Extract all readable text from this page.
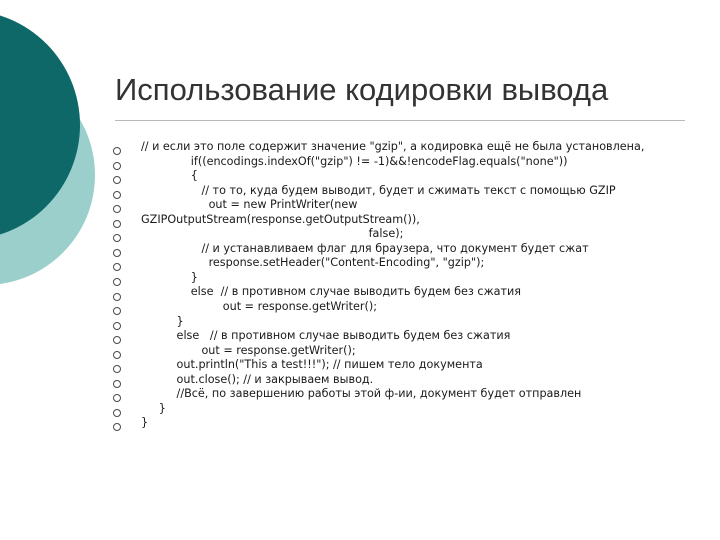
Использование кодировки вывода
// и если это поле содержит значение "gzip", а кодировка ещё не была установлена,
if((encodings.indexOf("gzip") != -1)&&!encodeFlag.equals("none"))
{
// то то, куда будем выводит, будет и сжимать текст с помощью GZIP
out = new PrintWriter(new
GZIPOutputStream(response.getOutputStream()),
false);
// и устанавливаем флаг для браузера, что документ будет сжат
response.setHeader("Content-Encoding", "gzip");
}
else  // в противном случае выводить будем без сжатия
out = response.getWriter();
}
else   // в противном случае выводить будем без сжатия
out = response.getWriter();
out.println("This a test!!!"); // пишем тело документа
out.close(); // и закрываем вывод.
//Всё, по завершению работы этой ф-ии, документ будет отправлен
}
}
